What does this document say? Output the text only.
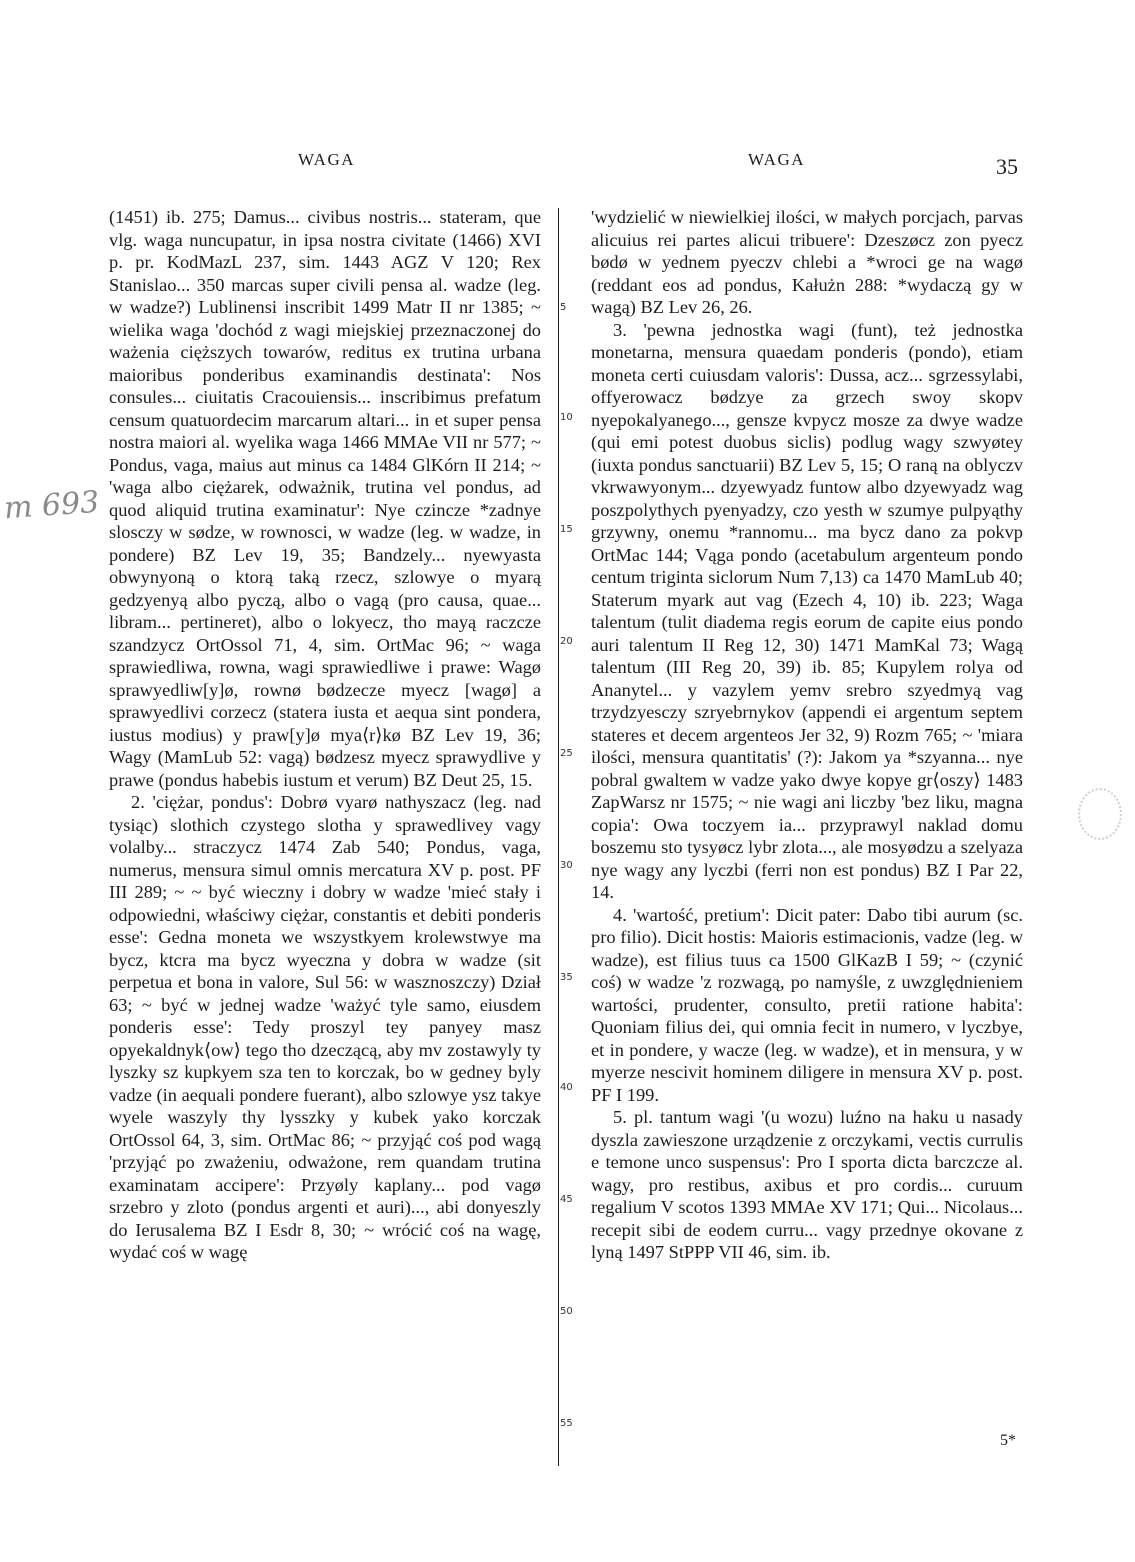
WAGA	WAGA	35
m 693

(1451) ib. 275; Damus... civibus nostris... stateram, que vlg. waga nuncupatur, in ipsa nostra civitate (1466) XVI p. pr. KodMazL 237, sim. 1443 AGZ V 120; Rex Stanislao... 350 marcas super civili pensa al. wadze (leg. w wadze?) Lublinensi inscribit 1499 Matr II nr 1385; ~ wielika waga 'dochód z wagi miejskiej przeznaczonej do ważenia cięższych towarów, reditus ex trutina urbana maioribus ponderibus examinandis destinata': Nos consules... ciuitatis Cracouiensis... inscribimus prefatum censum quatuordecim marcarum altari... in et super pensa nostra maiori al. wyelika waga 1466 MMAe VII nr 577; ~ Pondus, vaga, maius aut minus ca 1484 GlKórn II 214; ~ 'waga albo ciężarek, odważnik, trutina vel pondus, ad quod aliquid trutina examinatur': Nye czincze *zadnye slosczy w sødze, w rownosci, w wadze (leg. w wadze, in pondere) BZ Lev 19, 35; Bandzely... nyewyasta obwynyoną o ktorą taką rzecz, szlowye o myarą gedzyenyą albo pyczą, albo o vagą (pro causa, quae... libram... pertineret), albo o lokyecz, tho mayą raczcze szandzycz OrtOssol 71, 4, sim. OrtMac 96; ~ waga sprawiedliwa, rowna, wagi sprawiedliwe i prawe: Wagø sprawyedliw[y]ø, rownø bødzecze myecz [wagø] a sprawyedlivi corzecz (statera iusta et aequa sint pondera, iustus modius) y praw[y]ø mya⟨r⟩kø BZ Lev 19, 36; Wagy (MamLub 52: vagą) bødzesz myecz sprawydlive y prawe (pondus habebis iustum et verum) BZ Deut 25, 15.

2. 'ciężar, pondus': Dobrø vyarø nathyszacz (leg. nad tysiąc) slothich czystego slotha y sprawedlivey vagy volalby... straczycz 1474 Zab 540; Pondus, vaga, numerus, mensura simul omnis mercatura XV p. post. PF III 289; ~ ~ być wieczny i dobry w wadze 'mieć stały i odpowiedni, właściwy ciężar, constantis et debiti ponderis esse': Gedna moneta we wszystkyem krolewstwye ma bycz, ktcra ma bycz wyeczna y dobra w wadze (sit perpetua et bona in valore, Sul 56: w wasznoszczy) Dział 63; ~ być w jednej wadze 'ważyć tyle samo, eiusdem ponderis esse': Tedy proszyl tey panyey masz opyekaldnyk⟨ow⟩ tego tho dzeczącą, aby mv zostawyly ty lyszky sz kupkyem sza ten to korczak, bo w gedney byly vadze (in aequali pondere fuerant), albo szlowye ysz takye wyele waszyly thy lysszky y kubek yako korczak OrtOssol 64, 3, sim. OrtMac 86; ~ przyjąć coś pod wagą 'przyjąć po zważeniu, odważone, rem quandam trutina examinatam accipere': Przyøly kaplany... pod vagø srzebro y zloto (pondus argenti et auri)..., abi donyeszly do Ierusalema BZ I Esdr 8, 30; ~ wrócić coś na wagę, wydać coś w wagę

5
10
15
20
25
30
35
40
45
50
55

'wydzielić w niewielkiej ilości, w małych porcjach, parvas alicuius rei partes alicui tribuere': Dzeszøcz zon pyecz bødø w yednem pyeczv chlebi a *wroci ge na wagø (reddant eos ad pondus, Kałużn 288: *wydaczą gy w wagą) BZ Lev 26, 26.

3. 'pewna jednostka wagi (funt), też jednostka monetarna, mensura quaedam ponderis (pondo), etiam moneta certi cuiusdam valoris': Dussa, acz... sgrzessylabi, offyerowacz bødzye za grzech swoy skopv nyepokalyanego..., gensze kvpycz mosze za dwye wadze (qui emi potest duobus siclis) podlug wagy szwyøtey (iuxta pondus sanctuarii) BZ Lev 5, 15; O raną na oblyczv vkrwawyonym... dzyewyadz funtow albo dzyewyadz wag poszpolythych pyenyadzy, czo yesth w szumye pulpyąthy grzywny, onemu *rannomu... ma bycz dano za pokvp OrtMac 144; Vąga pondo (acetabulum argenteum pondo centum triginta siclorum Num 7,13) ca 1470 MamLub 40; Staterum myark aut vag (Ezech 4, 10) ib. 223; Waga talentum (tulit diadema regis eorum de capite eius pondo auri talentum II Reg 12, 30) 1471 MamKal 73; Wagą talentum (III Reg 20, 39) ib. 85; Kupylem rolya od Ananytel... y vazylem yemv srebro szyedmyą vag trzydzyesczy szryebrnykov (appendi ei argentum septem stateres et decem argenteos Jer 32, 9) Rozm 765; ~ 'miara ilości, mensura quantitatis' (?): Jakom ya *szyanna... nye pobral gwaltem w vadze yako dwye kopye gr⟨oszy⟩ 1483 ZapWarsz nr 1575; ~ nie wagi ani liczby 'bez liku, magna copia': Owa toczyem ia... przyprawyl naklad domu boszemu sto tysyøcz lybr zlota..., ale mosyødzu a szelyaza nye wagy any lyczbi (ferri non est pondus) BZ I Par 22, 14.

4. 'wartość, pretium': Dicit pater: Dabo tibi aurum (sc. pro filio). Dicit hostis: Maioris estimacionis, vadze (leg. w wadze), est filius tuus ca 1500 GlKazB I 59; ~ (czynić coś) w wadze 'z rozwagą, po namyśle, z uwzględnieniem wartości, prudenter, consulto, pretii ratione habita': Quoniam filius dei, qui omnia fecit in numero, v lyczbye, et in pondere, y wacze (leg. w wadze), et in mensura, y w myerze nescivit hominem diligere in mensura XV p. post. PF I 199.

5. pl. tantum wagi '(u wozu) luźno na haku u nasady dyszla zawieszone urządzenie z orczykami, vectis currulis e temone unco suspensus': Pro I sporta dicta barczcze al. wagy, pro restibus, axibus et pro cordis... curuum regalium V scotos 1393 MMAe XV 171; Qui... Nicolaus... recepit sibi de eodem curru... vagy przednye okovane z lyną 1497 StPPP VII 46, sim. ib.

5*
